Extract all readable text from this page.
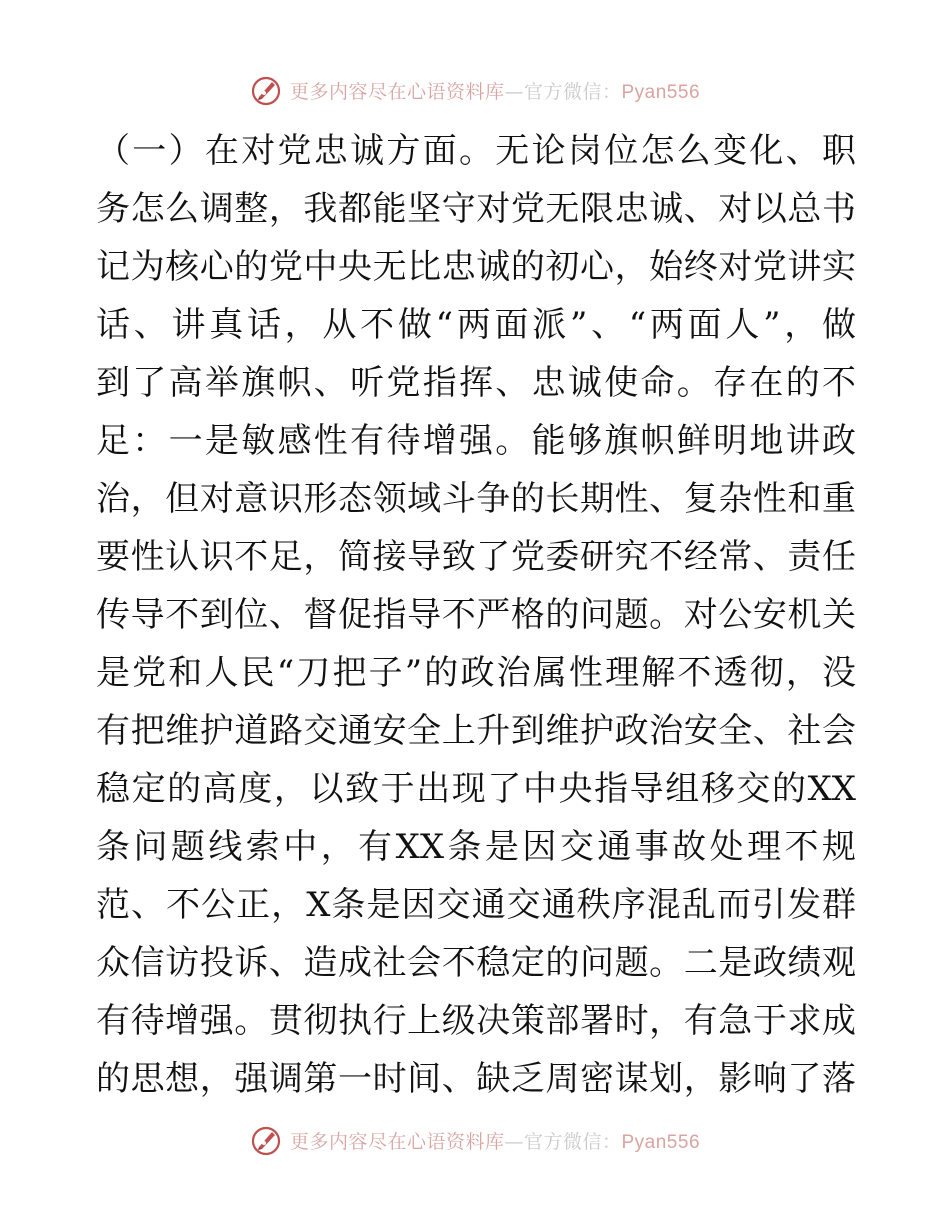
更多内容尽在心语资料库—官方微信：Pyan556
（一）在对党忠诚方面。无论岗位怎么变化、职
务怎么调整，我都能坚守对党无限忠诚、对以总书
记为核心的党中央无比忠诚的初心，始终对党讲实
话、讲真话，从不做“两面派”、“两面人”，做
到了高举旗帜、听党指挥、忠诚使命。存在的不
足：一是敏感性有待增强。能够旗帜鲜明地讲政
治，但对意识形态领域斗争的长期性、复杂性和重
要性认识不足，简接导致了党委研究不经常、责任
传导不到位、督促指导不严格的问题。对公安机关
是党和人民“刀把子”的政治属性理解不透彻，没
有把维护道路交通安全上升到维护政治安全、社会
稳定的高度，以致于出现了中央指导组移交的XX
条问题线索中，有XX条是因交通事故处理不规
范、不公正，X条是因交通交通秩序混乱而引发群
众信访投诉、造成社会不稳定的问题。二是政绩观
有待增强。贯彻执行上级决策部署时，有急于求成
的思想，强调第一时间、缺乏周密谋划，影响了落
更多内容尽在心语资料库—官方微信：Pyan556
